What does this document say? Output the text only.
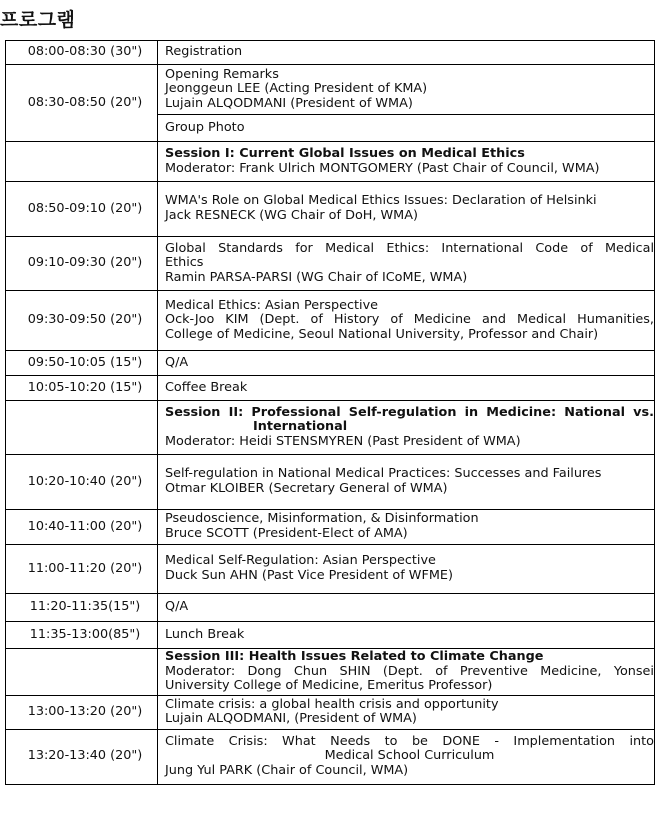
프로그램
08:00-08:30 (30")	Registration

08:30-08:50 (20")	Opening Remarks
Jeonggeun LEE (Acting President of KMA)
Lujain ALQODMANI (President of WMA)

	Group Photo

	Session I: Current Global Issues on Medical Ethics
Moderator: Frank Ulrich MONTGOMERY (Past Chair of Council, WMA)

08:50-09:10 (20")	WMA's Role on Global Medical Ethics Issues: Declaration of Helsinki
Jack RESNECK (WG Chair of DoH, WMA)

09:10-09:30 (20")	Global Standards for Medical Ethics: International Code of Medical
Ethics
Ramin PARSA-PARSI (WG Chair of ICoME, WMA)

09:30-09:50 (20")	Medical Ethics: Asian Perspective
Ock-Joo KIM (Dept. of History of Medicine and Medical Humanities,
College of Medicine, Seoul National University, Professor and Chair)

09:50-10:05 (15")	Q/A

10:05-10:20 (15")	Coffee Break

	Session II: Professional Self-regulation in Medicine: National vs.
International
Moderator: Heidi STENSMYREN (Past President of WMA)

10:20-10:40 (20")	Self-regulation in National Medical Practices: Successes and Failures
Otmar KLOIBER (Secretary General of WMA)

10:40-11:00 (20")	Pseudoscience, Misinformation, & Disinformation
Bruce SCOTT (President-Elect of AMA)

11:00-11:20 (20")	Medical Self-Regulation: Asian Perspective
Duck Sun AHN (Past Vice President of WFME)

11:20-11:35(15")	Q/A

11:35-13:00(85")	Lunch Break

	Session III: Health Issues Related to Climate Change
Moderator: Dong Chun SHIN (Dept. of Preventive Medicine, Yonsei
University College of Medicine, Emeritus Professor)

13:00-13:20 (20")	Climate crisis: a global health crisis and opportunity
Lujain ALQODMANI, (President of WMA)

13:20-13:40 (20")	Climate Crisis: What Needs to be DONE - Implementation into
Medical School Curriculum
Jung Yul PARK (Chair of Council, WMA)
